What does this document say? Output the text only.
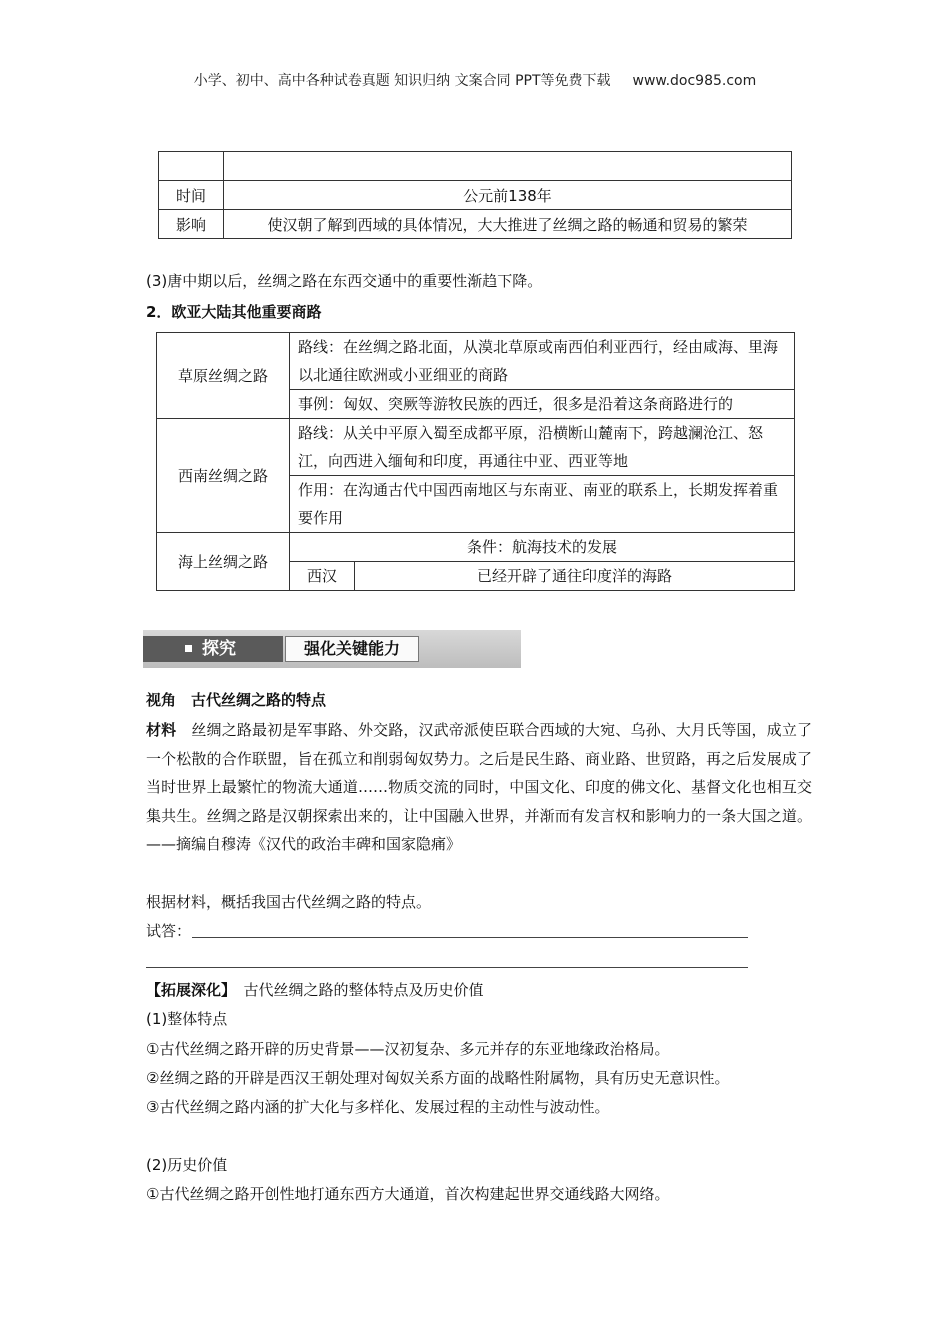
小学、初中、高中各种试卷真题 知识归纳 文案合同 PPT等免费下载 www.doc985.com

时间	公元前138年
影响	使汉朝了解到西域的具体情况，大大推进了丝绸之路的畅通和贸易的繁荣
(3)唐中期以后，丝绸之路在东西交通中的重要性渐趋下降。
2．欧亚大陆其他重要商路
草原丝绸之路	路线：在丝绸之路北面，从漠北草原或南西伯利亚西行，经由咸海、里海以北通往欧洲或小亚细亚的商路	
	事例：匈奴、突厥等游牧民族的西迁，很多是沿着这条商路进行的	
西南丝绸之路	路线：从关中平原入蜀至成都平原，沿横断山麓南下，跨越澜沧江、怒江，向西进入缅甸和印度，再通往中亚、西亚等地	
	作用：在沟通古代中国西南地区与东南亚、南亚的联系上，长期发挥着重要作用	
海上丝绸之路	条件：航海技术的发展	
	西汉	已经开辟了通往印度洋的海路
探究	强化关键能力
视角　古代丝绸之路的特点
材料　 丝绸之路最初是军事路、外交路，汉武帝派使臣联合西域的大宛、乌孙、大月氏等国，成立了一个松散的合作联盟，旨在孤立和削弱匈奴势力。之后是民生路、商业路、世贸路，再之后发展成了当时世界上最繁忙的物流大通道……物质交流的同时，中国文化、印度的佛文化、基督文化也相互交集共生。丝绸之路是汉朝探索出来的，让中国融入世界，并渐而有发言权和影响力的一条大国之道。——摘编自穆涛《汉代的政治丰碑和国家隐痛》
根据材料，概括我国古代丝绸之路的特点。
试答：
【拓展深化】　 古代丝绸之路的整体特点及历史价值
(1)整体特点
①古代丝绸之路开辟的历史背景——汉初复杂、多元并存的东亚地缘政治格局。
②丝绸之路的开辟是西汉王朝处理对匈奴关系方面的战略性附属物，具有历史无意识性。
③古代丝绸之路内涵的扩大化与多样化、发展过程的主动性与波动性。
(2)历史价值
①古代丝绸之路开创性地打通东西方大通道，首次构建起世界交通线路大网络。
